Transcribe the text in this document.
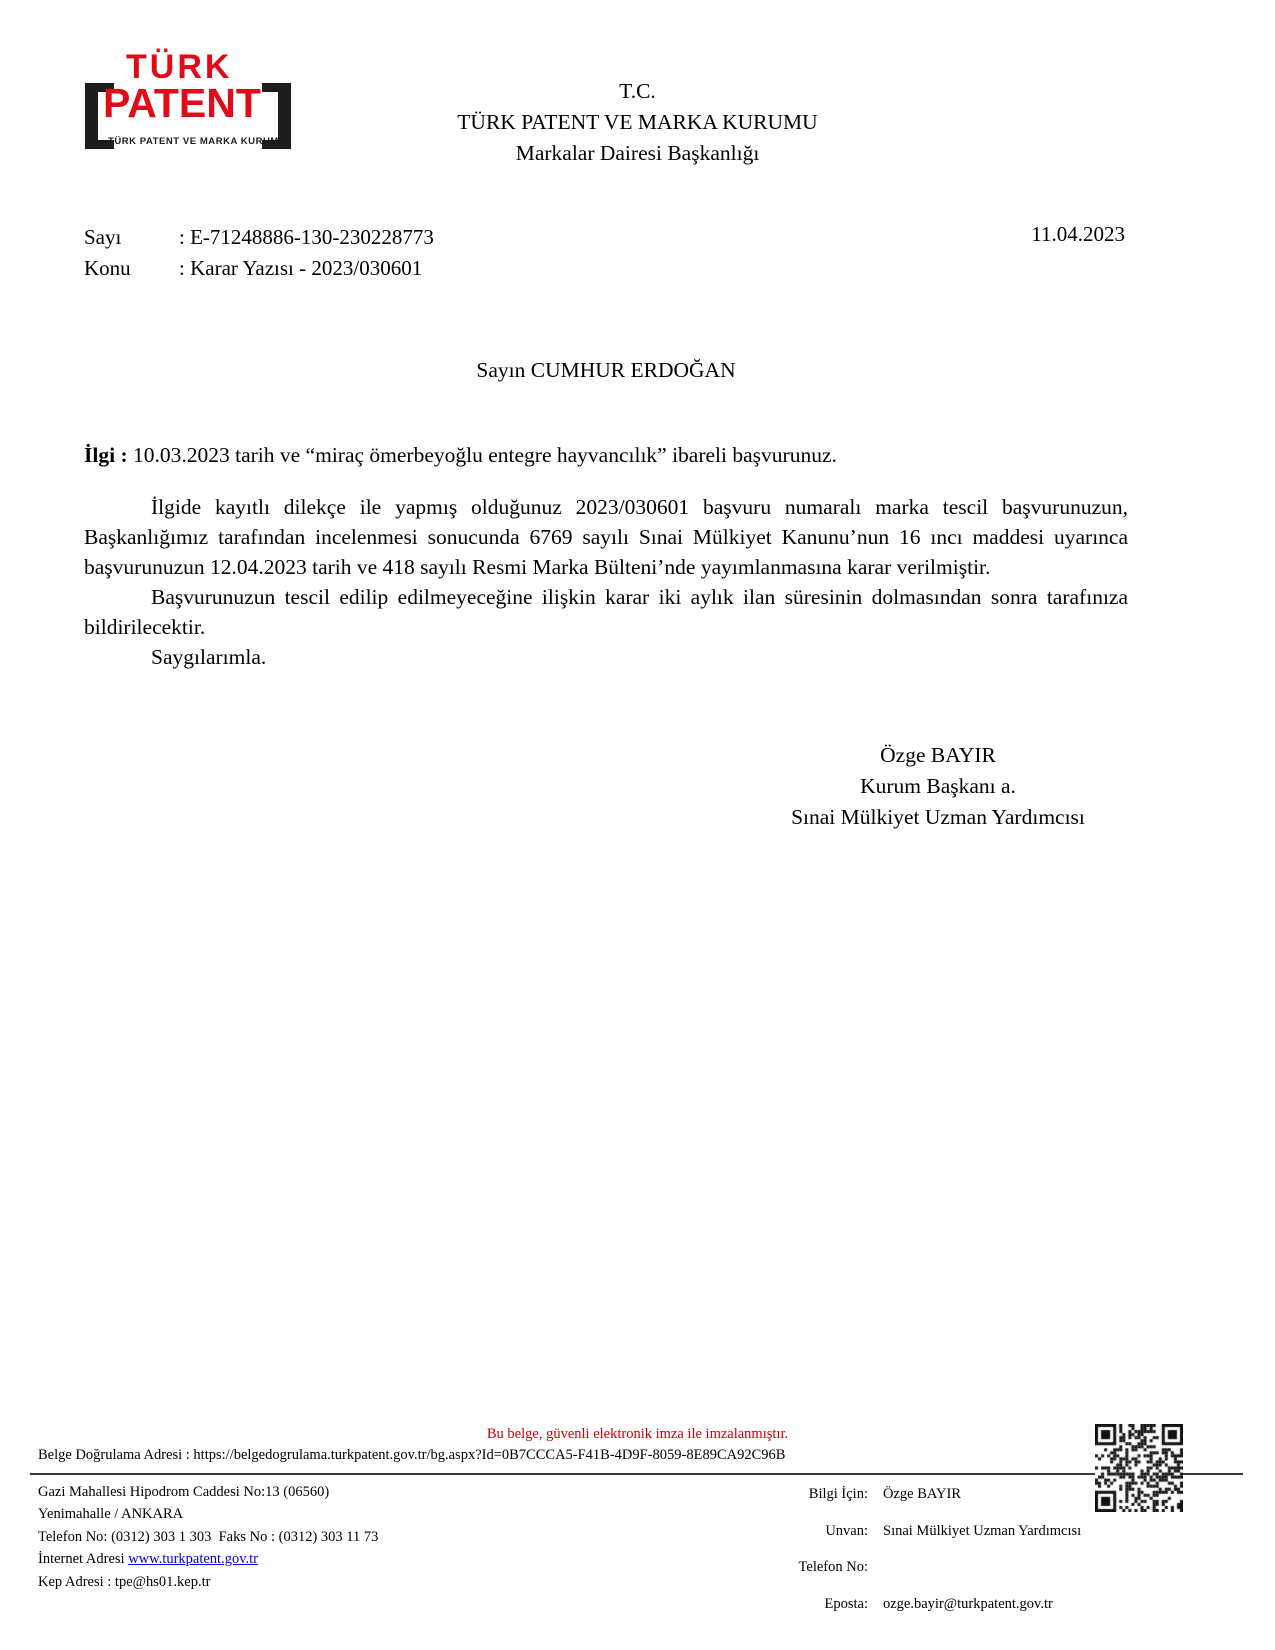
TÜRK
PATENT
TÜRK PATENT VE MARKA KURUMU
T.C.
TÜRK PATENT VE MARKA KURUMU
Markalar Dairesi Başkanlığı
Sayı	: E-71248886-130-230228773
Konu	: Karar Yazısı - 2023/030601
11.04.2023
Sayın CUMHUR ERDOĞAN
İlgi : 10.03.2023 tarih ve “miraç ömerbeyoğlu entegre hayvancılık” ibareli başvurunuz.

İlgide kayıtlı dilekçe ile yapmış olduğunuz 2023/030601 başvuru numaralı marka tescil başvurunuzun, Başkanlığımız tarafından incelenmesi sonucunda 6769 sayılı Sınai Mülkiyet Kanunu’nun 16 ıncı maddesi uyarınca başvurunuzun 12.04.2023 tarih ve 418 sayılı Resmi Marka Bülteni’nde yayımlanmasına karar verilmiştir.

Başvurunuzun tescil edilip edilmeyeceğine ilişkin karar iki aylık ilan süresinin dolmasından sonra tarafınıza bildirilecektir.

Saygılarımla.

Özge BAYIR
Kurum Başkanı a.
Sınai Mülkiyet Uzman Yardımcısı
Bu belge, güvenli elektronik imza ile imzalanmıştır.
Belge Doğrulama Adresi : https://belgedogrulama.turkpatent.gov.tr/bg.aspx?Id=0B7CCCA5-F41B-4D9F-8059-8E89CA92C96B
Gazi Mahallesi Hipodrom Caddesi No:13 (06560)
Yenimahalle / ANKARA
Telefon No: (0312) 303 1 303  Faks No : (0312) 303 11 73
İnternet Adresi www.turkpatent.gov.tr
Kep Adresi : tpe@hs01.kep.tr
Bilgi İçin: Özge BAYIR
Unvan: Sınai Mülkiyet Uzman Yardımcısı
Telefon No:
Eposta: ozge.bayir@turkpatent.gov.tr
